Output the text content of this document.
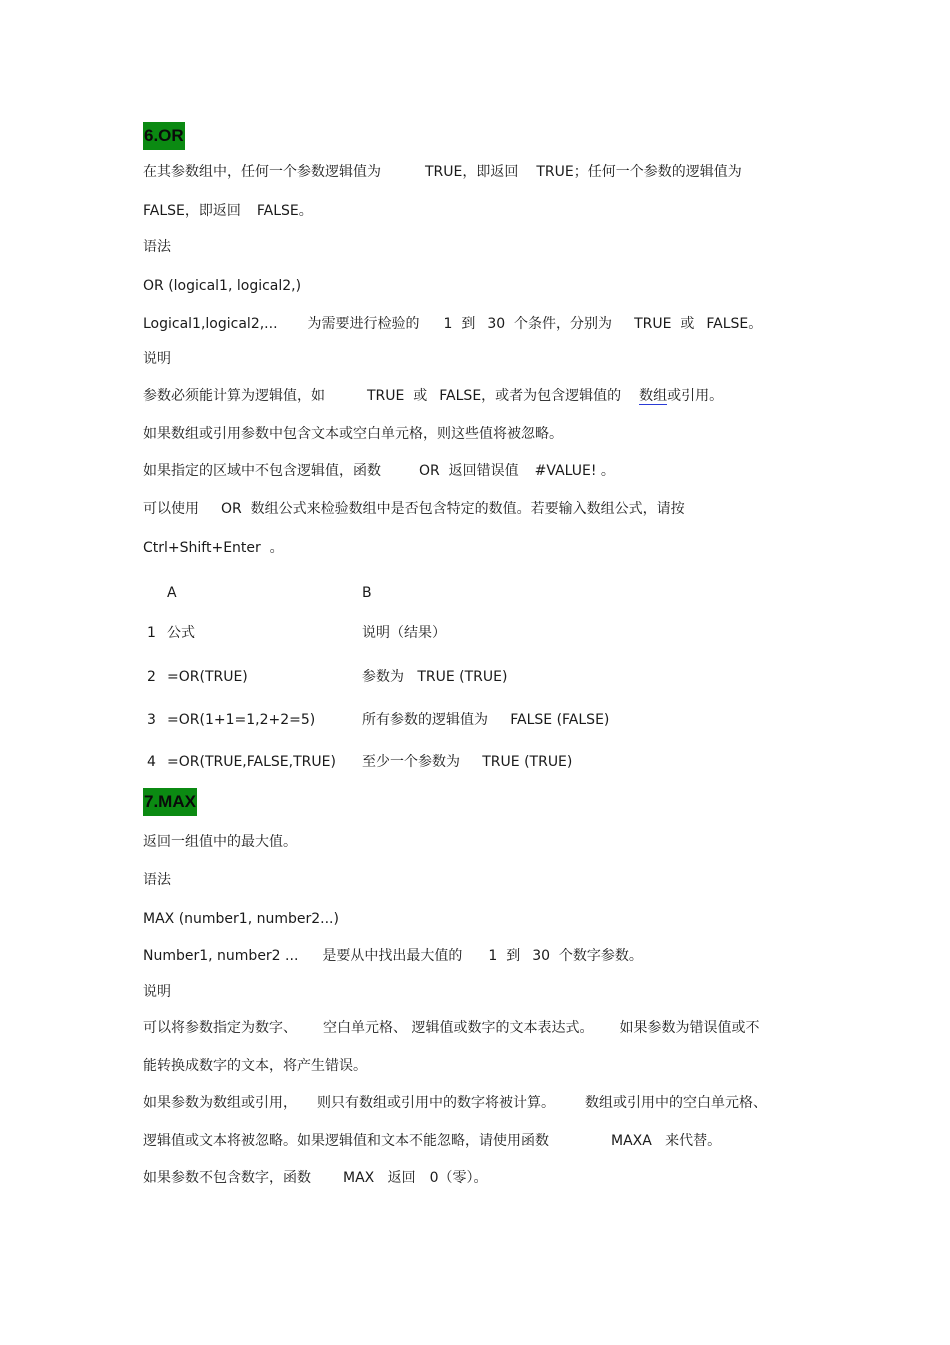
6.OR
在其参数组中，任何一个参数逻辑值为	TRUE，即返回 TRUE；任何一个参数的逻辑值为
FALSE，即返回 FALSE。
语法
OR (logical1, logical2,)
Logical1,logical2,... 为需要进行检验的 1  到 30  个条件，分别为 TRUE  或 FALSE。
说明
参数必须能计算为逻辑值，如	TRUE  或 FALSE，或者为包含逻辑值的 数组或引用。
如果数组或引用参数中包含文本或空白单元格，则这些值将被忽略。
如果指定的区域中不包含逻辑值，函数	OR  返回错误值 #VALUE! 。
可以使用 OR  数组公式来检验数组中是否包含特定的数值。若要输入数组公式，请按
Ctrl+Shift+Enter  。
A	B
1 公式	说明（结果）
2 =OR(TRUE)	参数为   TRUE (TRUE)
3 =OR(1+1=1,2+2=5)	所有参数的逻辑值为     FALSE (FALSE)
4 =OR(TRUE,FALSE,TRUE) 至少一个参数为     TRUE (TRUE)
7.MAX
返回一组值中的最大值。
语法
MAX (number1, number2...)
Number1, number2 ... 是要从中找出最大值的 1  到 30  个数字参数。
说明
可以将参数指定为数字、 空白单元格、 逻辑值或数字的文本表达式。 如果参数为错误值或不
能转换成数字的文本，将产生错误。
如果参数为数组或引用， 则只有数组或引用中的数字将被计算。 数组或引用中的空白单元格、
逻辑值或文本将被忽略。如果逻辑值和文本不能忽略，请使用函数	MAXA   来代替。
如果参数不包含数字，函数 MAX   返回 0（零）。
